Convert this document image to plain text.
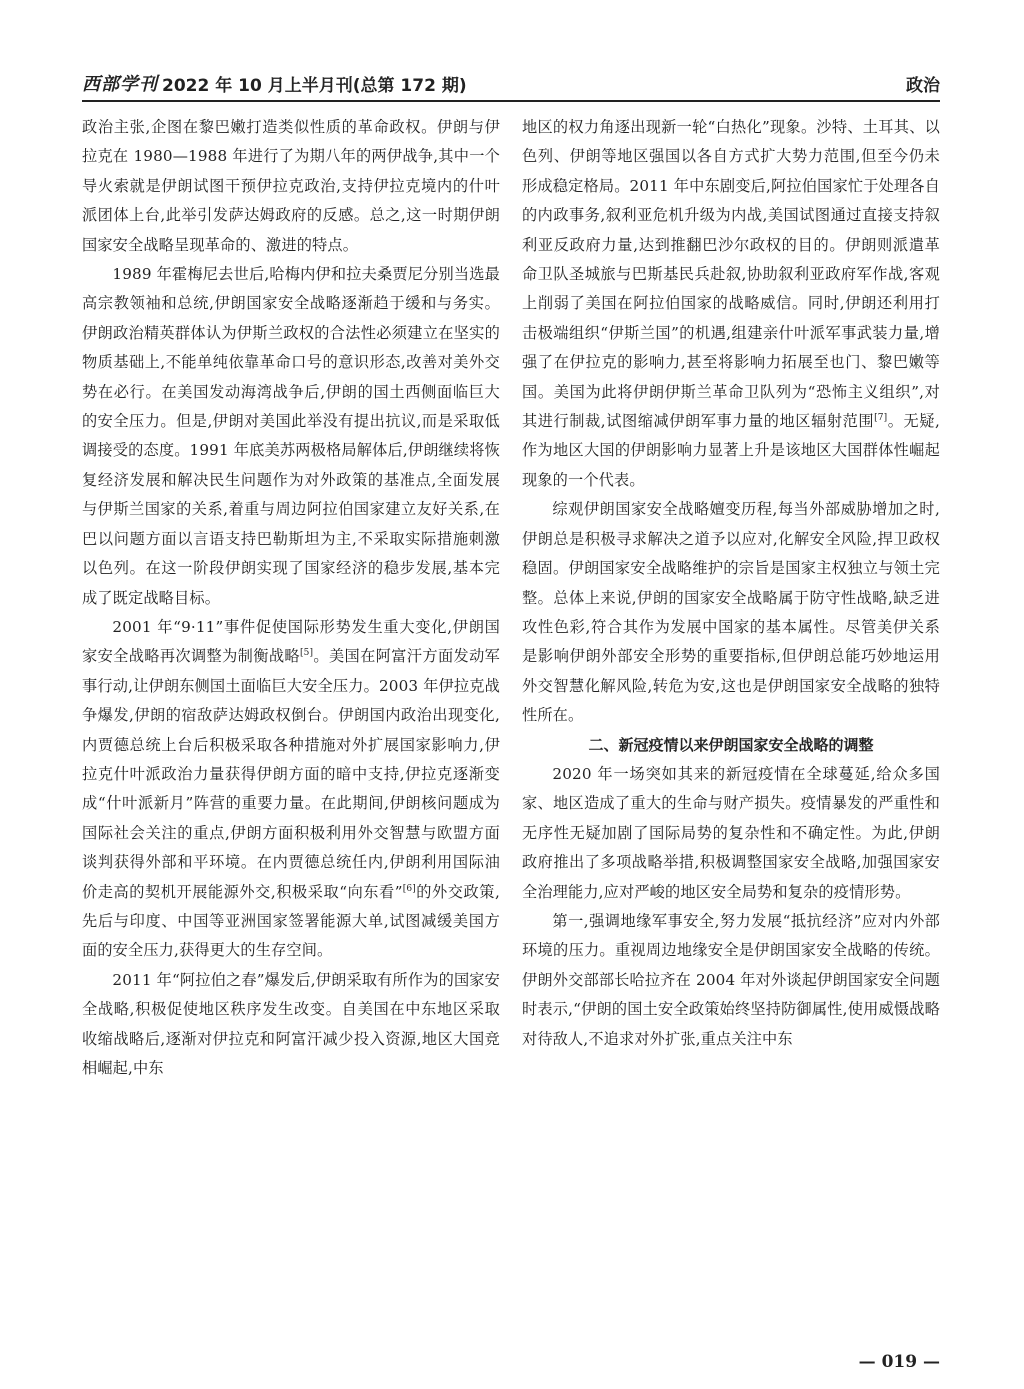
西部学刊 2022 年 10 月上半月刊(总第 172 期)	政治

政治主张,企图在黎巴嫩打造类似性质的革命政权。伊朗与伊拉克在 1980—1988 年进行了为期八年的两伊战争,其中一个导火索就是伊朗试图干预伊拉克政治,支持伊拉克境内的什叶派团体上台,此举引发萨达姆政府的反感。总之,这一时期伊朗国家安全战略呈现革命的、激进的特点。

1989 年霍梅尼去世后,哈梅内伊和拉夫桑贾尼分别当选最高宗教领袖和总统,伊朗国家安全战略逐渐趋于缓和与务实。伊朗政治精英群体认为伊斯兰政权的合法性必须建立在坚实的物质基础上,不能单纯依靠革命口号的意识形态,改善对美外交势在必行。在美国发动海湾战争后,伊朗的国土西侧面临巨大的安全压力。但是,伊朗对美国此举没有提出抗议,而是采取低调接受的态度。1991 年底美苏两极格局解体后,伊朗继续将恢复经济发展和解决民生问题作为对外政策的基准点,全面发展与伊斯兰国家的关系,着重与周边阿拉伯国家建立友好关系,在巴以问题方面以言语支持巴勒斯坦为主,不采取实际措施刺激以色列。在这一阶段伊朗实现了国家经济的稳步发展,基本完成了既定战略目标。

2001 年“9·11”事件促使国际形势发生重大变化,伊朗国家安全战略再次调整为制衡战略[5]。美国在阿富汗方面发动军事行动,让伊朗东侧国土面临巨大安全压力。2003 年伊拉克战争爆发,伊朗的宿敌萨达姆政权倒台。伊朗国内政治出现变化,内贾德总统上台后积极采取各种措施对外扩展国家影响力,伊拉克什叶派政治力量获得伊朗方面的暗中支持,伊拉克逐渐变成“什叶派新月”阵营的重要力量。在此期间,伊朗核问题成为国际社会关注的重点,伊朗方面积极利用外交智慧与欧盟方面谈判获得外部和平环境。在内贾德总统任内,伊朗利用国际油价走高的契机开展能源外交,积极采取“向东看”[6]的外交政策,先后与印度、中国等亚洲国家签署能源大单,试图减缓美国方面的安全压力,获得更大的生存空间。

2011 年“阿拉伯之春”爆发后,伊朗采取有所作为的国家安全战略,积极促使地区秩序发生改变。自美国在中东地区采取收缩战略后,逐渐对伊拉克和阿富汗减少投入资源,地区大国竞相崛起,中东

地区的权力角逐出现新一轮“白热化”现象。沙特、土耳其、以色列、伊朗等地区强国以各自方式扩大势力范围,但至今仍未形成稳定格局。2011 年中东剧变后,阿拉伯国家忙于处理各自的内政事务,叙利亚危机升级为内战,美国试图通过直接支持叙利亚反政府力量,达到推翻巴沙尔政权的目的。伊朗则派遣革命卫队圣城旅与巴斯基民兵赴叙,协助叙利亚政府军作战,客观上削弱了美国在阿拉伯国家的战略威信。同时,伊朗还利用打击极端组织“伊斯兰国”的机遇,组建亲什叶派军事武装力量,增强了在伊拉克的影响力,甚至将影响力拓展至也门、黎巴嫩等国。美国为此将伊朗伊斯兰革命卫队列为“恐怖主义组织”,对其进行制裁,试图缩减伊朗军事力量的地区辐射范围[7]。无疑,作为地区大国的伊朗影响力显著上升是该地区大国群体性崛起现象的一个代表。

综观伊朗国家安全战略嬗变历程,每当外部威胁增加之时,伊朗总是积极寻求解决之道予以应对,化解安全风险,捍卫政权稳固。伊朗国家安全战略维护的宗旨是国家主权独立与领土完整。总体上来说,伊朗的国家安全战略属于防守性战略,缺乏进攻性色彩,符合其作为发展中国家的基本属性。尽管美伊关系是影响伊朗外部安全形势的重要指标,但伊朗总能巧妙地运用外交智慧化解风险,转危为安,这也是伊朗国家安全战略的独特性所在。

二、新冠疫情以来伊朗国家安全战略的调整

2020 年一场突如其来的新冠疫情在全球蔓延,给众多国家、地区造成了重大的生命与财产损失。疫情暴发的严重性和无序性无疑加剧了国际局势的复杂性和不确定性。为此,伊朗政府推出了多项战略举措,积极调整国家安全战略,加强国家安全治理能力,应对严峻的地区安全局势和复杂的疫情形势。

第一,强调地缘军事安全,努力发展“抵抗经济”应对内外部环境的压力。重视周边地缘安全是伊朗国家安全战略的传统。伊朗外交部部长哈拉齐在 2004 年对外谈起伊朗国家安全问题时表示,“伊朗的国土安全政策始终坚持防御属性,使用威慑战略对待敌人,不追求对外扩张,重点关注中东

— 019 —
